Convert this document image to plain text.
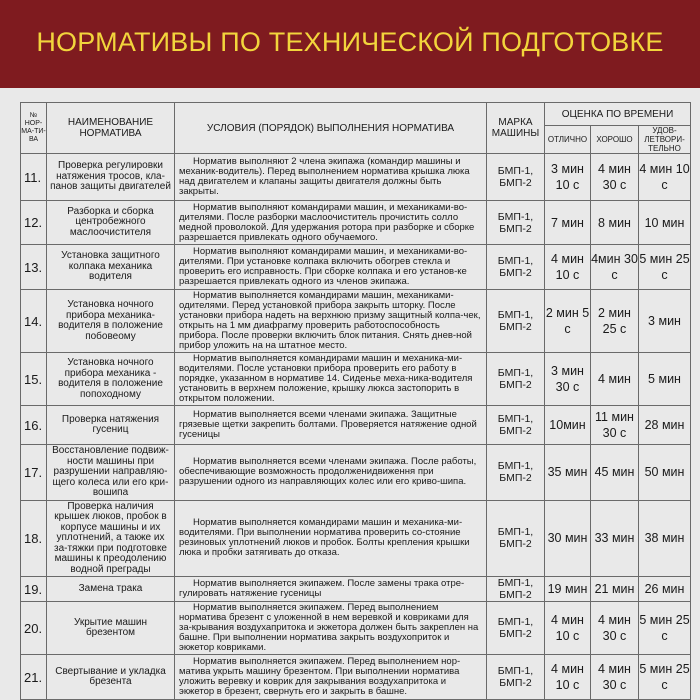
НОРМАТИВЫ ПО ТЕХНИЧЕСКОЙ ПОДГОТОВКЕ
№ НОР-МА-ТИ-ВА	НАИМЕНОВАНИЕ НОРМАТИВА	УСЛОВИЯ (ПОРЯДОК) ВЫПОЛНЕНИЯ НОРМАТИВА	МАРКА МАШИНЫ	ОЦЕНКА ПО ВРЕМЕНИ		
				ОТЛИЧНО	ХОРОШО	УДОВ-ЛЕТВОРИ-ТЕЛЬНО
11.	Проверка регулировки натяжения тросов, кла-панов защиты двигателей	Норматив выполняют 2 члена экипажа (командир машины и механик-водитель). Перед выполнением норматива крышка люка над двигателем и клапаны защиты двигателя должны быть закрыты.	БМП-1, БМП-2	3 мин 10 с	4 мин 30 с	4 мин 10 с
12.	Разборка и сборка центробежного маслоочистителя	Норматив выполняют командирами машин, и механиками-во-дителями. После разборки маслоочиститель прочистить солло медной проволокой. Для удержания ротора при разборке и сборке разрешается привлекать одного обучаемого.	БМП-1, БМП-2	7 мин	8 мин	10 мин
13.	Установка защитного колпака механика водителя	Норматив выполняют командирами машин, и механиками-во-дителями. При установке колпака включить обогрев стекла и проверить его исправность. При сборке колпака и его установ-ке разрешается привлекать одного из членов экипажа.	БМП-1, БМП-2	4 мин 10 с	4мин 30 с	5 мин 25 с
14.	Установка ночного прибора механика-водителя в положение побовеому	Норматив выполняется командирами машин, механиками-одителями. Перед установкой прибора закрыть шторку. После установки прибора надеть на верхнюю призму защитный колпа-чек, открыть на 1 мм диафрагму проверить работоспособность прибора. После проверки включить блок питания. Снять днев-ной прибор уложить на на штатное место.	БМП-1, БМП-2	2 мин 5 с	2 мин 25 с	3 мин
15.	Установка ночного прибора механика - водителя в положение попоходному	Норматив выполняется командирами машин и механика-ми-водителями. После установки прибора проверить его работу в порядке, указанном в нормативе 14. Сиденье меха-ника-водителя установить в верхнем положение, крышку люкса застопорить в открытом положении.	БМП-1, БМП-2	3 мин 30 с	4 мин	5 мин
16.	Проверка натяжения гусениц	Норматив выполняется всеми членами экипажа. Защитные грязевые щетки закрепить болтами. Проверяется натяжение одной гусеницы	БМП-1, БМП-2	10мин	11 мин 30 с	28 мин
17.	Восстановление подвиж-ности машины при разрушении направляю-щего колеса или его кри-вошипа	Норматив выполняется всеми членами экипажа. После работы, обеспечивающие возможность продолженидвиження при разрушении одного из направляющих колес или его криво-шипа.	БМП-1, БМП-2	35 мин	45 мин	50 мин
18.	Проверка наличия крышек люков, пробок в корпусе машины и их уплотнений, а также их за-тяжки при подготовке машины к преодолению водной преграды	Норматив выполняется командирами машин и механика-ми-водителями. При выполнении норматива проверить со-стояние резиновых уплотнений люков и пробок. Болты крепления крышки люка и пробки затягивать до отказа.	БМП-1, БМП-2	30 мин	33 мин	38 мин
19.	Замена трака	Норматив выполняется экипажем. После замены трака отре-гулировать натяжение гусеницы	БМП-1, БМП-2	19 мин	21 мин	26 мин
20.	Укрытие машин брезентом	Норматив выполняется экипажем. Перед выполнением норматива брезент с уложенной в нем веревкой и ковриками для за-крывания воздухапритока и экжетора должен быть закреплен на башне. При выполнении норматива закрыть воздухоприток и экжетор ковриками.	БМП-1, БМП-2	4 мин 10 с	4 мин 30 с	5 мин 25 с
21.	Свертывание и укладка брезента	Норматив выполняется экипажем. Перед выполнением нор-матива укрыть машину брезентом. При выполнении норматива уложить веревку и коврик для закрывания воздухапритока и экжетор в брезент, свернуть его и закрыть в башне.	БМП-1, БМП-2	4 мин 10 с	4 мин 30 с	5 мин 25 с
